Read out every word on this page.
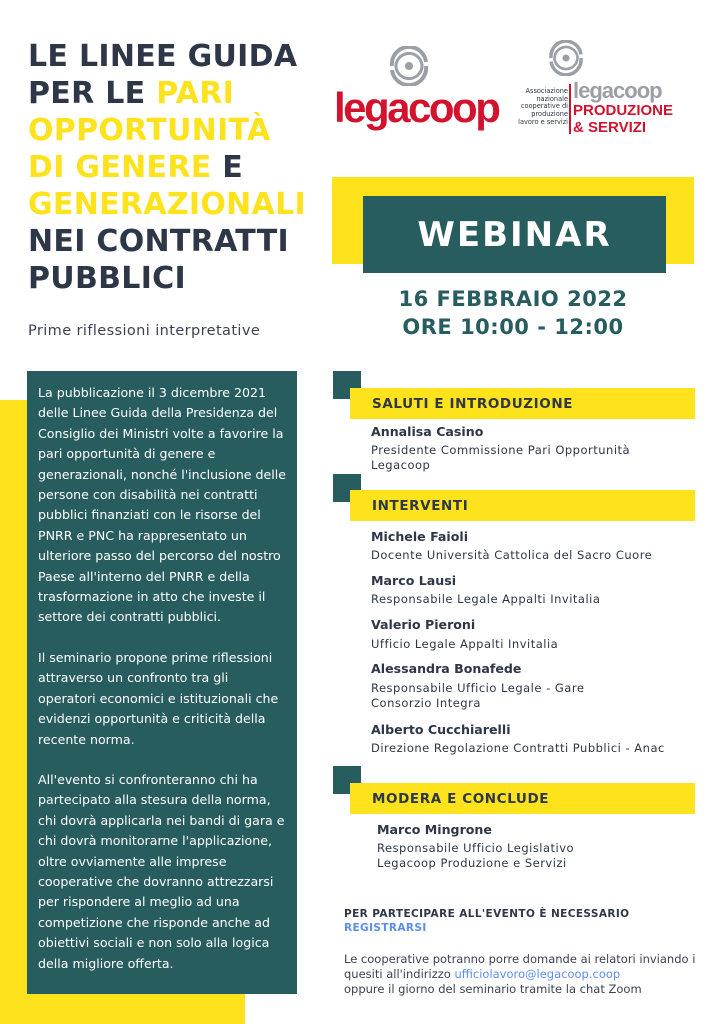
LE LINEE GUIDA
PER LE PARI
OPPORTUNITÀ
DI GENERE E
GENERAZIONALI
NEI CONTRATTI
PUBBLICI
Prime riflessioni interpretative

La pubblicazione il 3 dicembre 2021 delle Linee Guida della Presidenza del Consiglio dei Ministri volte a favorire la pari opportunità di genere e generazionali, nonché l'inclusione delle persone con disabilità nei contratti pubblici finanziati con le risorse del PNRR e PNC ha rappresentato un ulteriore passo del percorso del nostro Paese all'interno del PNRR e della trasformazione in atto che investe il settore dei contratti pubblici.

Il seminario propone prime riflessioni attraverso un confronto tra gli operatori economici e istituzionali che evidenzi opportunità e criticità della recente norma.

All'evento si confronteranno chi ha partecipato alla stesura della norma, chi dovrà applicarla nei bandi di gara e chi dovrà monitorarne l'applicazione, oltre ovviamente alle imprese cooperative che dovranno attrezzarsi per rispondere al meglio ad una competizione che risponde anche ad obiettivi sociali e non solo alla logica della migliore offerta.

legacoop	Associazione nazionale cooperative di produzione lavoro e servizi
legacoop
PRODUZIONE
& SERVIZI
WEBINAR
16 FEBBRAIO 2022
ORE 10:00 - 12:00
SALUTI E INTRODUZIONE
Annalisa Casino
Presidente Commissione Pari Opportunità
Legacoop
INTERVENTI
Michele Faioli
Docente Università Cattolica del Sacro Cuore
Marco Lausi
Responsabile Legale Appalti Invitalia
Valerio Pieroni
Ufficio Legale Appalti Invitalia
Alessandra Bonafede
Responsabile Ufficio Legale - Gare
Consorzio Integra
Alberto Cucchiarelli
Direzione Regolazione Contratti Pubblici - Anac
MODERA E CONCLUDE
Marco Mingrone
Responsabile Ufficio Legislativo
Legacoop Produzione e Servizi
PER PARTECIPARE ALL'EVENTO È NECESSARIO
REGISTRARSI
Le cooperative potranno porre domande ai relatori inviando i quesiti all'indirizzo ufficiolavoro@legacoop.coop
oppure il giorno del seminario tramite la chat Zoom
